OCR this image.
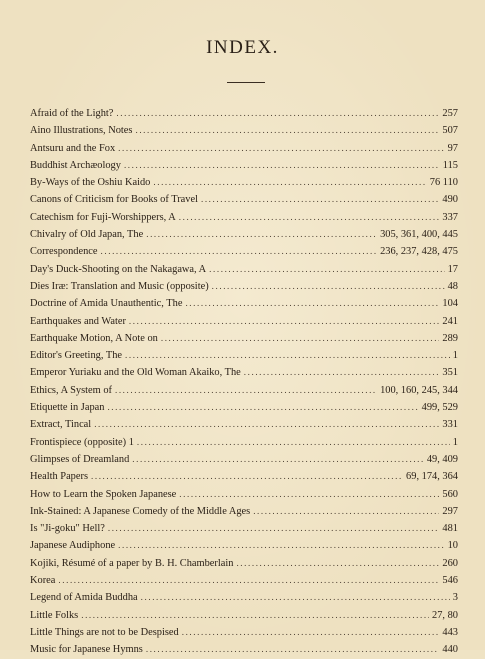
INDEX.
Afraid of the Light? .....	257
Aino Illustrations, Notes .....	507
Antsuru and the Fox .....	97
Buddhist Archæology .....	115
By-Ways of the Oshiu Kaido .....	76 110
Canons of Criticism for Books of Travel .....	490
Catechism for Fuji-Worshippers, A .....	337
Chivalry of Old Japan, The .....	305, 361, 400, 445
Correspondence .....	236, 237, 428, 475
Day's Duck-Shooting on the Nakagawa, A .....	17
Dies Iræ: Translation and Music (opposite) .....	48
Doctrine of Amida Unauthentic, The .....	104
Earthquakes and Water .....	241
Earthquake Motion, A Note on .....	289
Editor's Greeting, The .....	1
Emperor Yuriaku and the Old Woman Akaiko, The .....	351
Ethics, A System of .....	100, 160, 245, 344
Etiquette in Japan .....	499, 529
Extract, Tincal .....	331
Frontispiece (opposite) 1 .....	1
Glimpses of Dreamland .....	49, 409
Health Papers .....	69, 174, 364
How to Learn the Spoken Japanese .....	560
Ink-Stained: A Japanese Comedy of the Middle Ages .....	297
Is "Ji-goku" Hell? .....	481
Japanese Audiphone .....	10
Kojiki, Résumé of a paper by B. H. Chamberlain .....	260
Korea .....	546
Legend of Amida Buddha .....	3
Little Folks .....	27, 80
Little Things are not to be Despised .....	443
Music for Japanese Hymns .....	440
